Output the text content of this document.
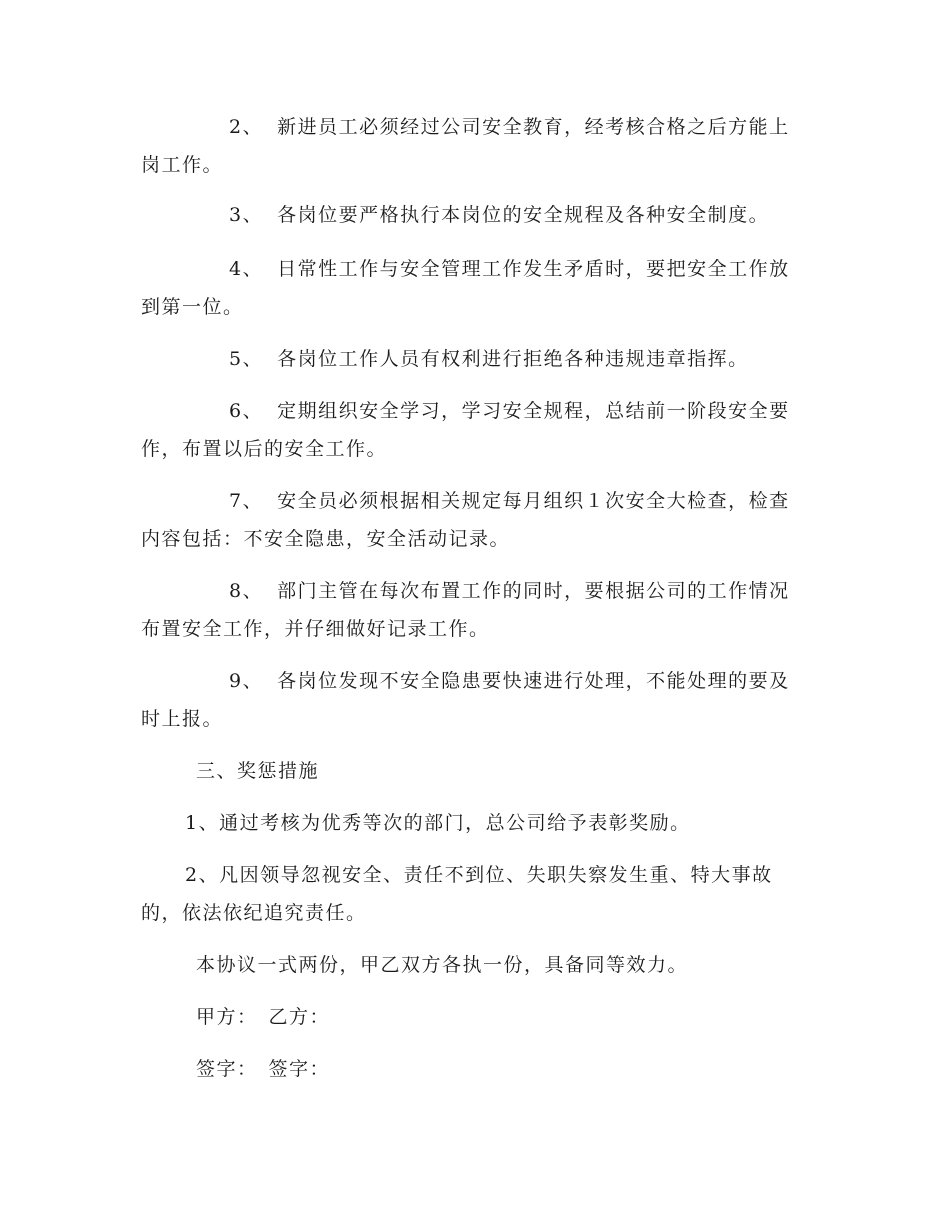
2、 新进员工必须经过公司安全教育，经考核合格之后方能上岗工作。

3、 各岗位要严格执行本岗位的安全规程及各种安全制度。

4、 日常性工作与安全管理工作发生矛盾时，要把安全工作放到第一位。

5、 各岗位工作人员有权利进行拒绝各种违规违章指挥。

6、 定期组织安全学习，学习安全规程，总结前一阶段安全要作，布置以后的安全工作。

7、 安全员必须根据相关规定每月组织１次安全大检查，检查内容包括：不安全隐患，安全活动记录。

8、 部门主管在每次布置工作的同时，要根据公司的工作情况布置安全工作，并仔细做好记录工作。

9、 各岗位发现不安全隐患要快速进行处理，不能处理的要及时上报。

三、奖惩措施

1、通过考核为优秀等次的部门，总公司给予表彰奖励。

2、凡因领导忽视安全、责任不到位、失职失察发生重、特大事故的，依法依纪追究责任。

本协议一式两份，甲乙双方各执一份，具备同等效力。

甲方：　乙方：

签字：　签字：
